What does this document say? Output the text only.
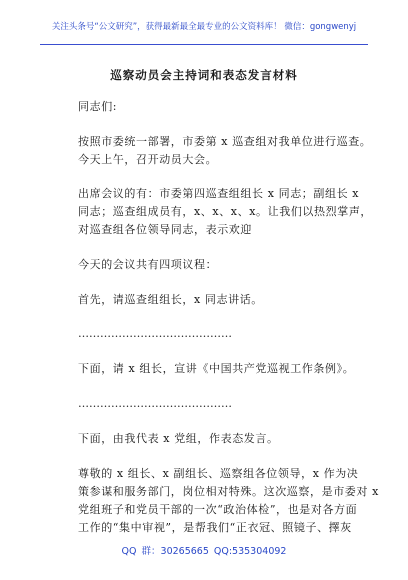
关注头条号“公文研究”，获得最新最全最专业的公文资料库！ 微信：gongwenyj
巡察动员会主持词和表态发言材料
同志们:
按照市委统一部署，市委第 x 巡查组对我单位进行巡查。
今天上午，召开动员大会。
出席会议的有：市委第四巡查组组长 x 同志；副组长 x
同志；巡查组成员有，x、x、x、x。让我们以热烈掌声，
对巡查组各位领导同志，表示欢迎
今天的会议共有四项议程：
首先，请巡查组组长，x 同志讲话。
……………………………………
下面，请 x 组长，宣讲《中国共产党巡视工作条例》。
……………………………………
下面，由我代表 x 党组，作表态发言。
尊敬的 x 组长、x 副组长、巡察组各位领导，x 作为决
策参谋和服务部门，岗位相对特殊。这次巡察，是市委对 x
党组班子和党员干部的一次“政治体检”，也是对各方面
工作的“集中审视”，是帮我们“正衣冠、照镜子、擇灰
QQ 群：30265665 QQ:535304092
